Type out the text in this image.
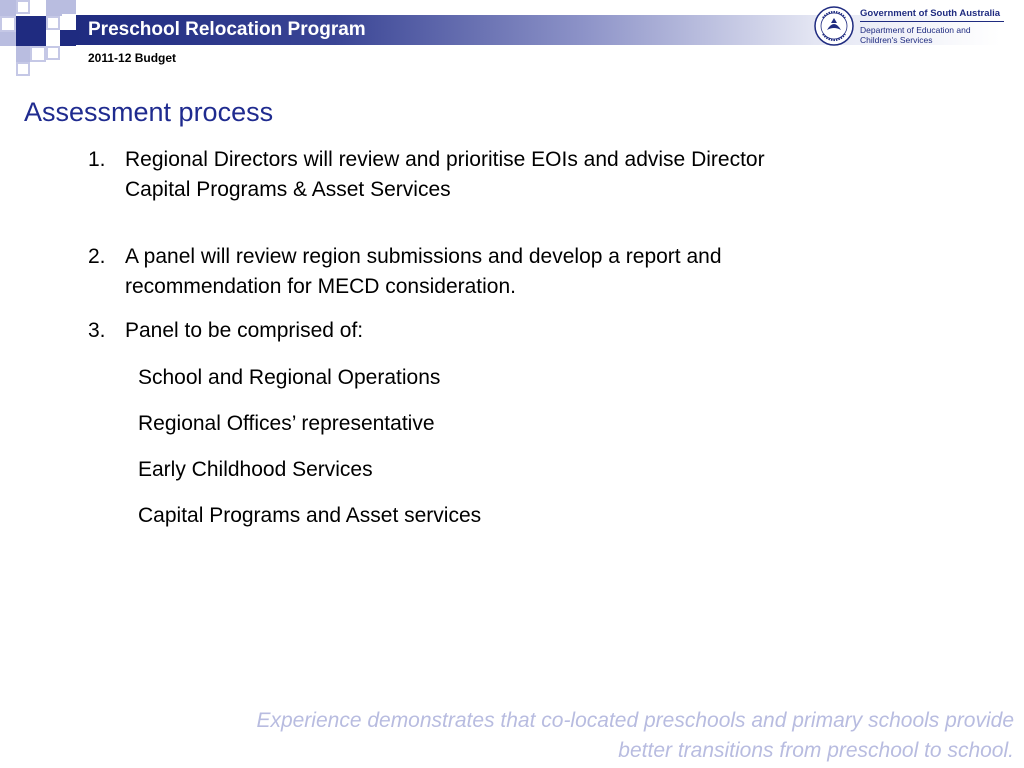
Preschool Relocation Program
2011-12 Budget
Government of South Australia
Department of Education and Children's Services
Assessment process
1. Regional Directors will review and prioritise EOIs and advise Director Capital Programs & Asset Services
2. A panel will review region submissions and develop a report and recommendation for MECD consideration.
3. Panel to be comprised of:
School and Regional Operations
Regional Offices’ representative
Early Childhood Services
Capital Programs and Asset services
Experience demonstrates that co-located preschools and primary schools provide better transitions from preschool to school.
